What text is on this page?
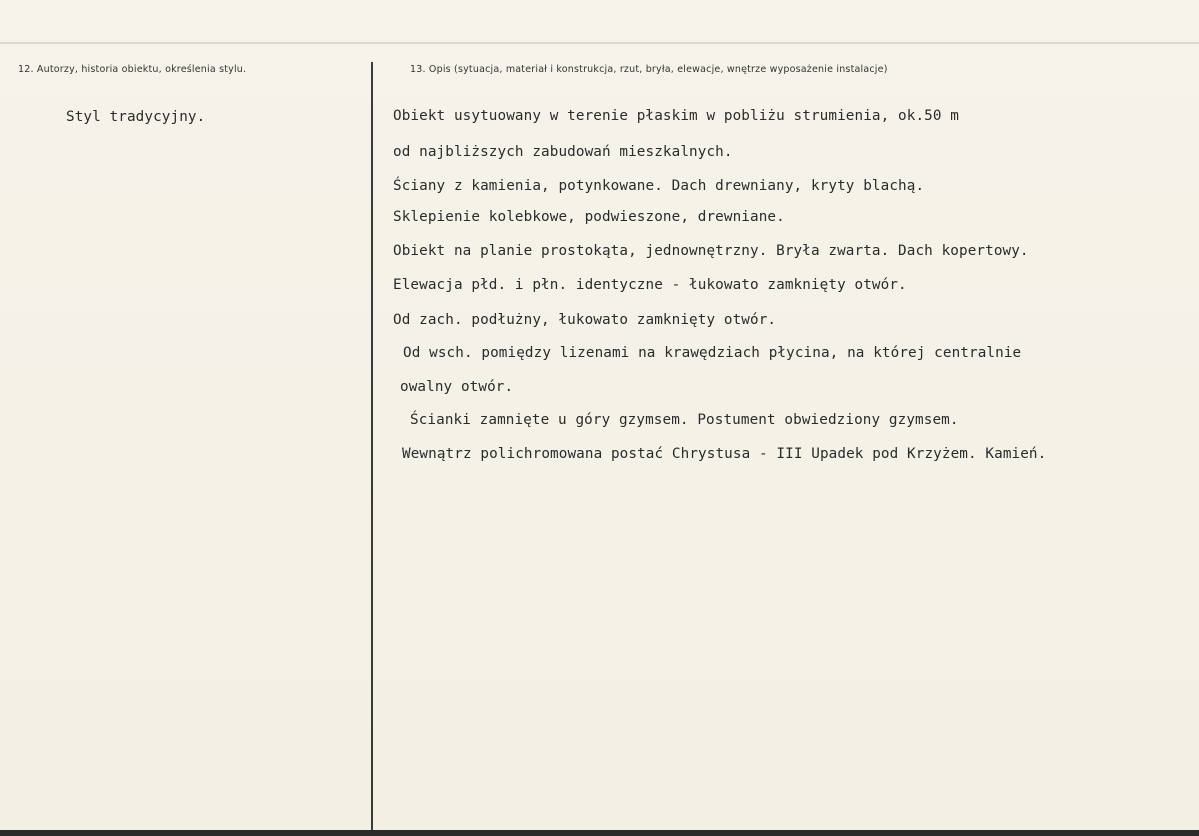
12. Autorzy, historia obiektu, określenia stylu.	13. Opis (sytuacja, materiał i konstrukcja, rzut, bryła, elewacje, wnętrze wyposażenie instalacje)
Styl tradycyjny.	Obiekt usytuowany w terenie płaskim w pobliżu strumienia, ok.50 m
od najbliższych zabudowań mieszkalnych.
Ściany z kamienia, potynkowane. Dach drewniany, kryty blachą.
Sklepienie kolebkowe, podwieszone, drewniane.
Obiekt na planie prostokąta, jednownętrzny. Bryła zwarta. Dach kopertowy.
Elewacja płd. i płn. identyczne - łukowato zamknięty otwór.
Od zach. podłużny, łukowato zamknięty otwór.
Od wsch. pomiędzy lizenami na krawędziach płycina, na której centralnie
owalny otwór.
Ścianki zamnięte u góry gzymsem. Postument obwiedziony gzymsem.
Wewnątrz polichromowana postać Chrystusa - III Upadek pod Krzyżem. Kamień.
